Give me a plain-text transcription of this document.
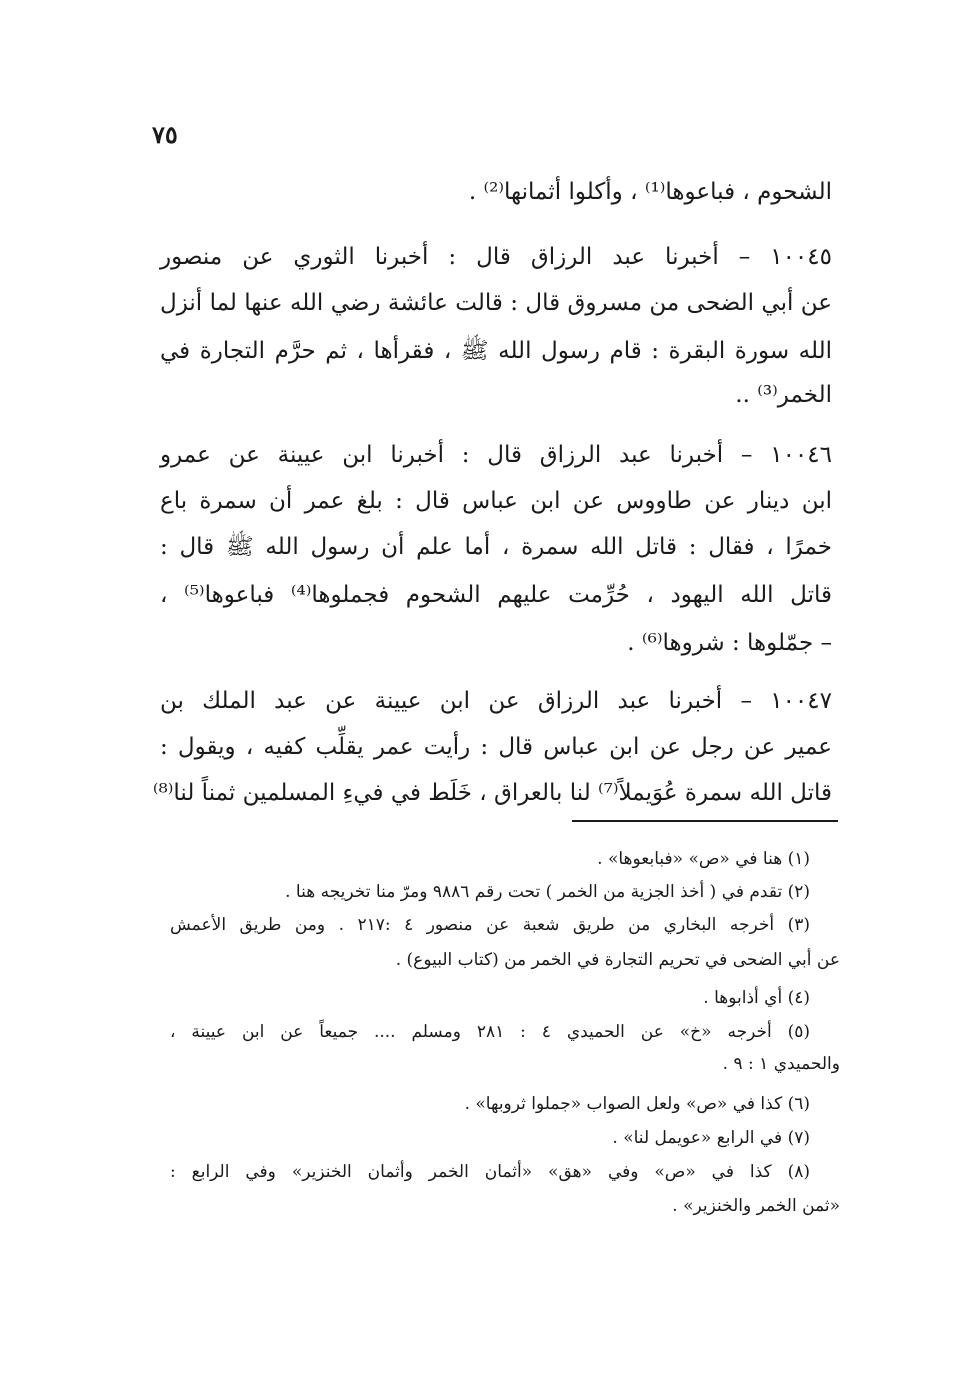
٧٥
الشحوم ، فباعوها⁽¹⁾ ، وأكلوا أثمانها⁽²⁾ .
١٠٠٤٥ – أخبرنا عبد الرزاق قال : أخبرنا الثوري عن منصور
عن أبي الضحى من مسروق قال : قالت عائشة رضي الله عنها لما أنزل
الله سورة البقرة : قام رسول الله ﷺ ، فقرأها ، ثم حرَّم التجارة في
الخمر⁽³⁾ ..
١٠٠٤٦ – أخبرنا عبد الرزاق قال : أخبرنا ابن عيينة عن عمرو
ابن دينار عن طاووس عن ابن عباس قال : بلغ عمر أن سمرة باع
خمرًا ، فقال : قاتل الله سمرة ، أما علم أن رسول الله ﷺ قال :
قاتل الله اليهود ، حُرِّمت عليهم الشحوم فجملوها⁽⁴⁾ فباعوها⁽⁵⁾ ،
– جمّلوها : شروها⁽⁶⁾ .
١٠٠٤٧ – أخبرنا عبد الرزاق عن ابن عيينة عن عبد الملك بن
عمير عن رجل عن ابن عباس قال : رأيت عمر يقلِّب كفيه ، ويقول :
قاتل الله سمرة عُوَيملاً⁽⁷⁾ لنا بالعراق ، خَلَط في فيءِ المسلمين ثمناً لنا⁽⁸⁾
(١) هنا في «ص» «فبابعوها» .
(٢) تقدم في ( أخذ الجزية من الخمر ) تحت رقم ٩٨٨٦ ومرّ منا تخريجه هنا .
(٣) أخرجه البخاري من طريق شعبة عن منصور ٤ :٢١٧ . ومن طريق الأعمش
عن أبي الضحى في تحريم التجارة في الخمر من (كتاب البيوع) .
(٤) أي أذابوها .
(٥) أخرجه «خ» عن الحميدي ٤ : ٢٨١ ومسلم .... جميعاً عن ابن عيينة ،
والحميدي ١ : ٩ .
(٦) كذا في «ص» ولعل الصواب «جملوا ثروبها» .
(٧) في الرابع «عويمل لنا» .
(٨) كذا في «ص» وفي «هق» «أثمان الخمر وأثمان الخنزير» وفي الرابع :
«ثمن الخمر والخنزير» .
